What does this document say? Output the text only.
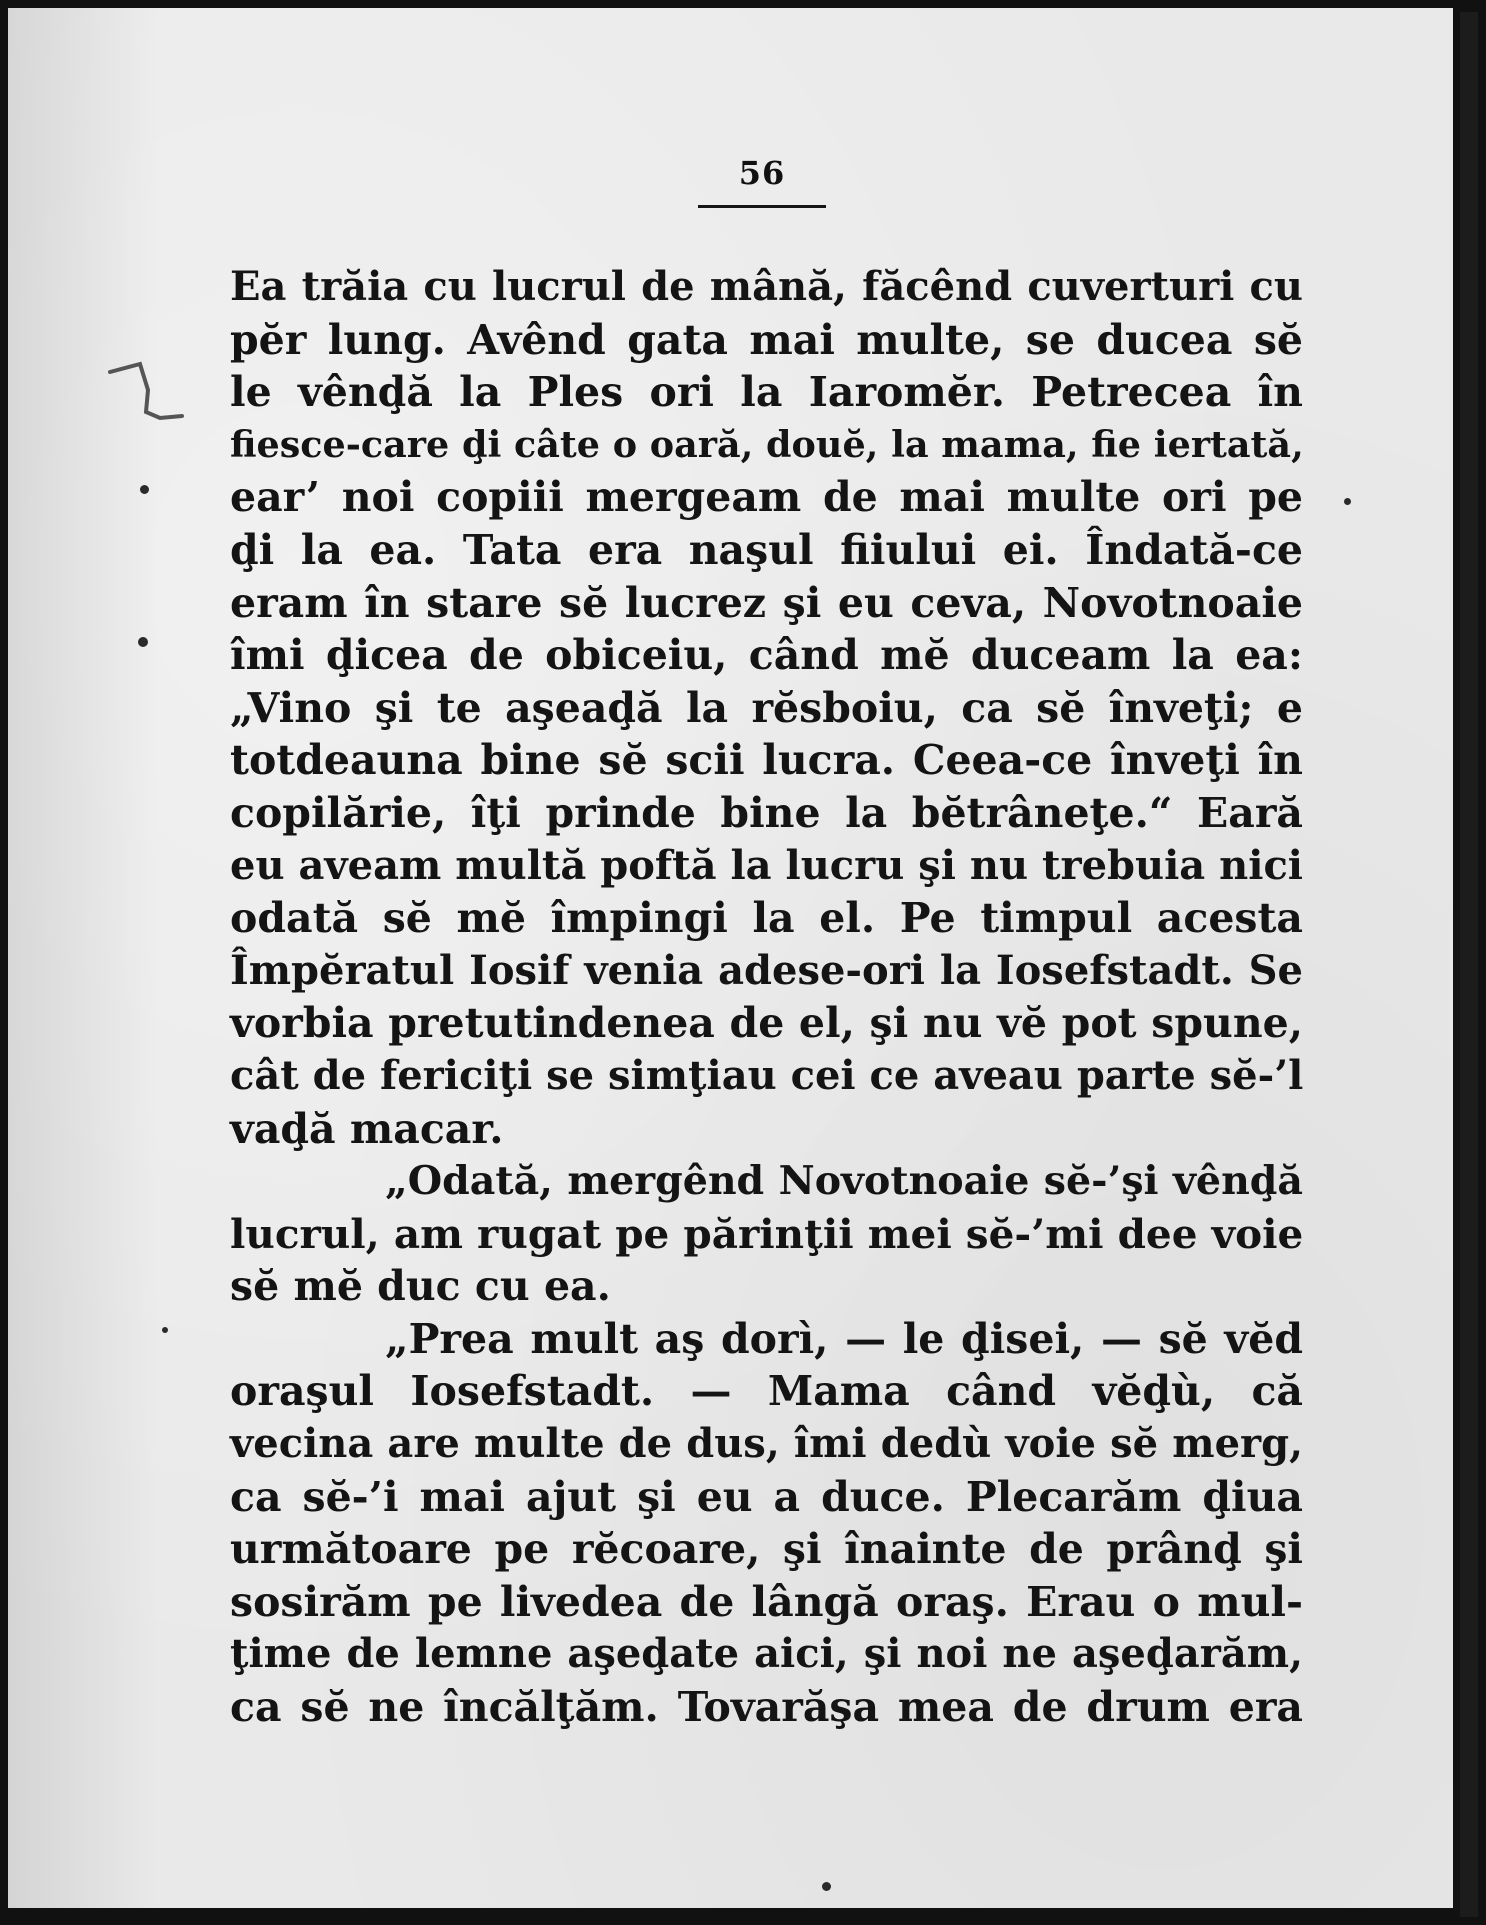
56
Ea trăia cu lucrul de mână, făcênd cuverturi cu
pĕr lung. Avênd gata mai multe, se ducea sĕ
le vênḑă la Ples ori la Iaromĕr. Petrecea în
fiesce-care ḑi câte o oară, douĕ, la mama, fie iertată,
ear’ noi copiii mergeam de mai multe ori pe
ḑi la ea. Tata era naşul fiiului ei. Îndată-ce
eram în stare sĕ lucrez şi eu ceva, Novotnoaie
îmi ḑicea de obiceiu, când mĕ duceam la ea:
„Vino şi te aşeaḑă la rĕsboiu, ca sĕ înveţi; e
totdeauna bine sĕ scii lucra. Ceea-ce înveţi în
copilărie, îţi prinde bine la bĕtrâneţe.“ Eară
eu aveam multă poftă la lucru şi nu trebuia nici
odată sĕ mĕ împingi la el. Pe timpul acesta
Împĕratul Iosif venia adese-ori la Iosefstadt. Se
vorbia pretutindenea de el, şi nu vĕ pot spune,
cât de fericiţi se simţiau cei ce aveau parte sĕ-’l
vaḑă macar.
„Odată, mergênd Novotnoaie sĕ-’şi vênḑă
lucrul, am rugat pe părinţii mei sĕ-’mi dee voie
sĕ mĕ duc cu ea.
„Prea mult aş dorì, — le ḑisei, — sĕ vĕd
oraşul Iosefstadt. — Mama când vĕḑù, că
vecina are multe de dus, îmi dedù voie sĕ merg,
ca sĕ-’i mai ajut şi eu a duce. Plecarăm ḑiua
următoare pe rĕcoare, şi înainte de prânḑ şi
sosirăm pe livedea de lângă oraş. Erau o mul-
ţime de lemne aşeḑate aici, şi noi ne aşeḑarăm,
ca sĕ ne încălţăm. Tovarăşa mea de drum era
